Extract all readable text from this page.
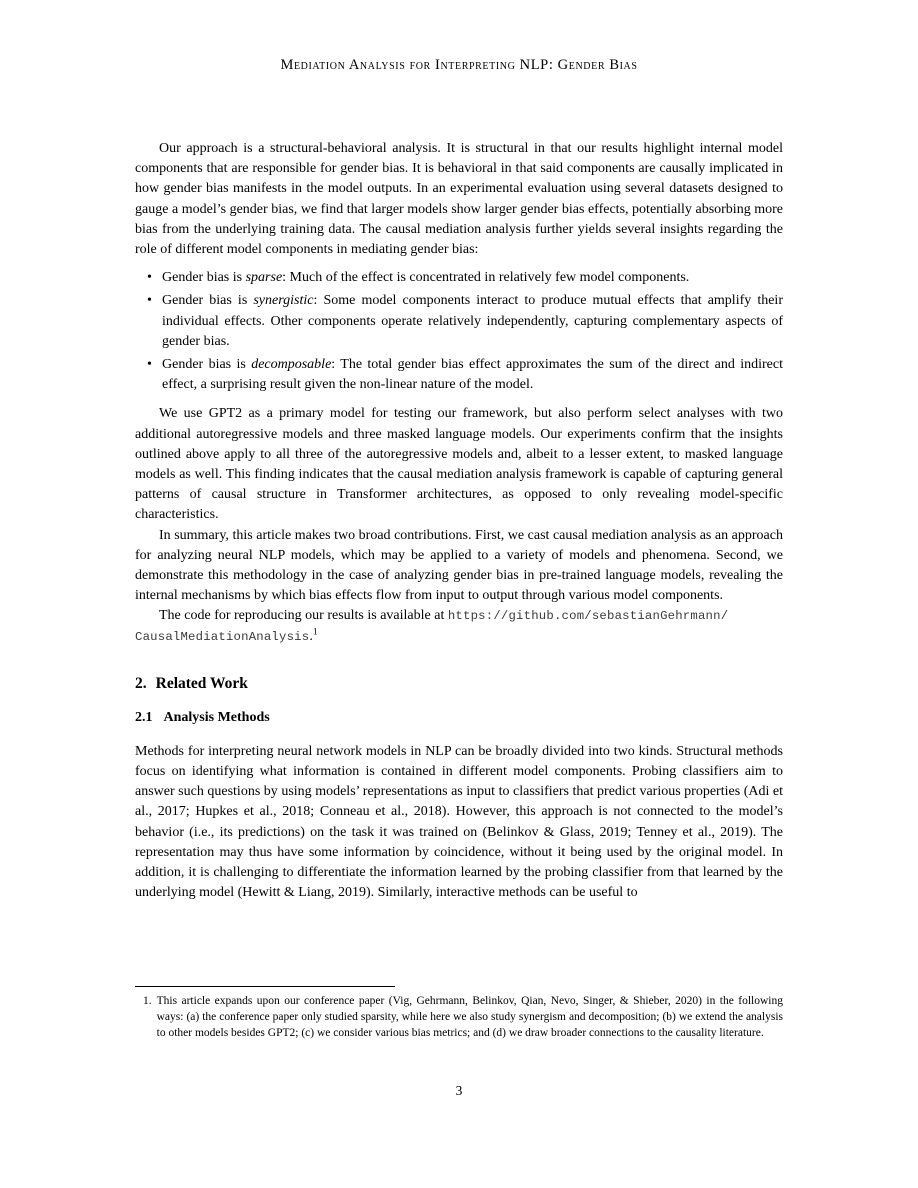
Mediation Analysis for Interpreting NLP: Gender Bias

Our approach is a structural-behavioral analysis. It is structural in that our results highlight internal model components that are responsible for gender bias. It is behavioral in that said components are causally implicated in how gender bias manifests in the model outputs. In an experimental evaluation using several datasets designed to gauge a model’s gender bias, we find that larger models show larger gender bias effects, potentially absorbing more bias from the underlying training data. The causal mediation analysis further yields several insights regarding the role of different model components in mediating gender bias:

• Gender bias is sparse: Much of the effect is concentrated in relatively few model components.
• Gender bias is synergistic: Some model components interact to produce mutual effects that amplify their individual effects. Other components operate relatively independently, capturing complementary aspects of gender bias.
• Gender bias is decomposable: The total gender bias effect approximates the sum of the direct and indirect effect, a surprising result given the non-linear nature of the model.

We use GPT2 as a primary model for testing our framework, but also perform select analyses with two additional autoregressive models and three masked language models. Our experiments confirm that the insights outlined above apply to all three of the autoregressive models and, albeit to a lesser extent, to masked language models as well. This finding indicates that the causal mediation analysis framework is capable of capturing general patterns of causal structure in Transformer architectures, as opposed to only revealing model-specific characteristics.

In summary, this article makes two broad contributions. First, we cast causal mediation analysis as an approach for analyzing neural NLP models, which may be applied to a variety of models and phenomena. Second, we demonstrate this methodology in the case of analyzing gender bias in pre-trained language models, revealing the internal mechanisms by which bias effects flow from input to output through various model components.

The code for reproducing our results is available at https://github.com/sebastianGehrmann/
CausalMediationAnalysis.$^1$

2. Related Work
2.1 Analysis Methods

Methods for interpreting neural network models in NLP can be broadly divided into two kinds. Structural methods focus on identifying what information is contained in different model components. Probing classifiers aim to answer such questions by using models’ representations as input to classifiers that predict various properties (Adi et al., 2017; Hupkes et al., 2018; Conneau et al., 2018). However, this approach is not connected to the model’s behavior (i.e., its predictions) on the task it was trained on (Belinkov & Glass, 2019; Tenney et al., 2019). The representation may thus have some information by coincidence, without it being used by the original model. In addition, it is challenging to differentiate the information learned by the probing classifier from that learned by the underlying model (Hewitt & Liang, 2019). Similarly, interactive methods can be useful to

1. This article expands upon our conference paper (Vig, Gehrmann, Belinkov, Qian, Nevo, Singer, & Shieber, 2020) in the following ways: (a) the conference paper only studied sparsity, while here we also study synergism and decomposition; (b) we extend the analysis to other models besides GPT2; (c) we consider various bias metrics; and (d) we draw broader connections to the causality literature.
3
